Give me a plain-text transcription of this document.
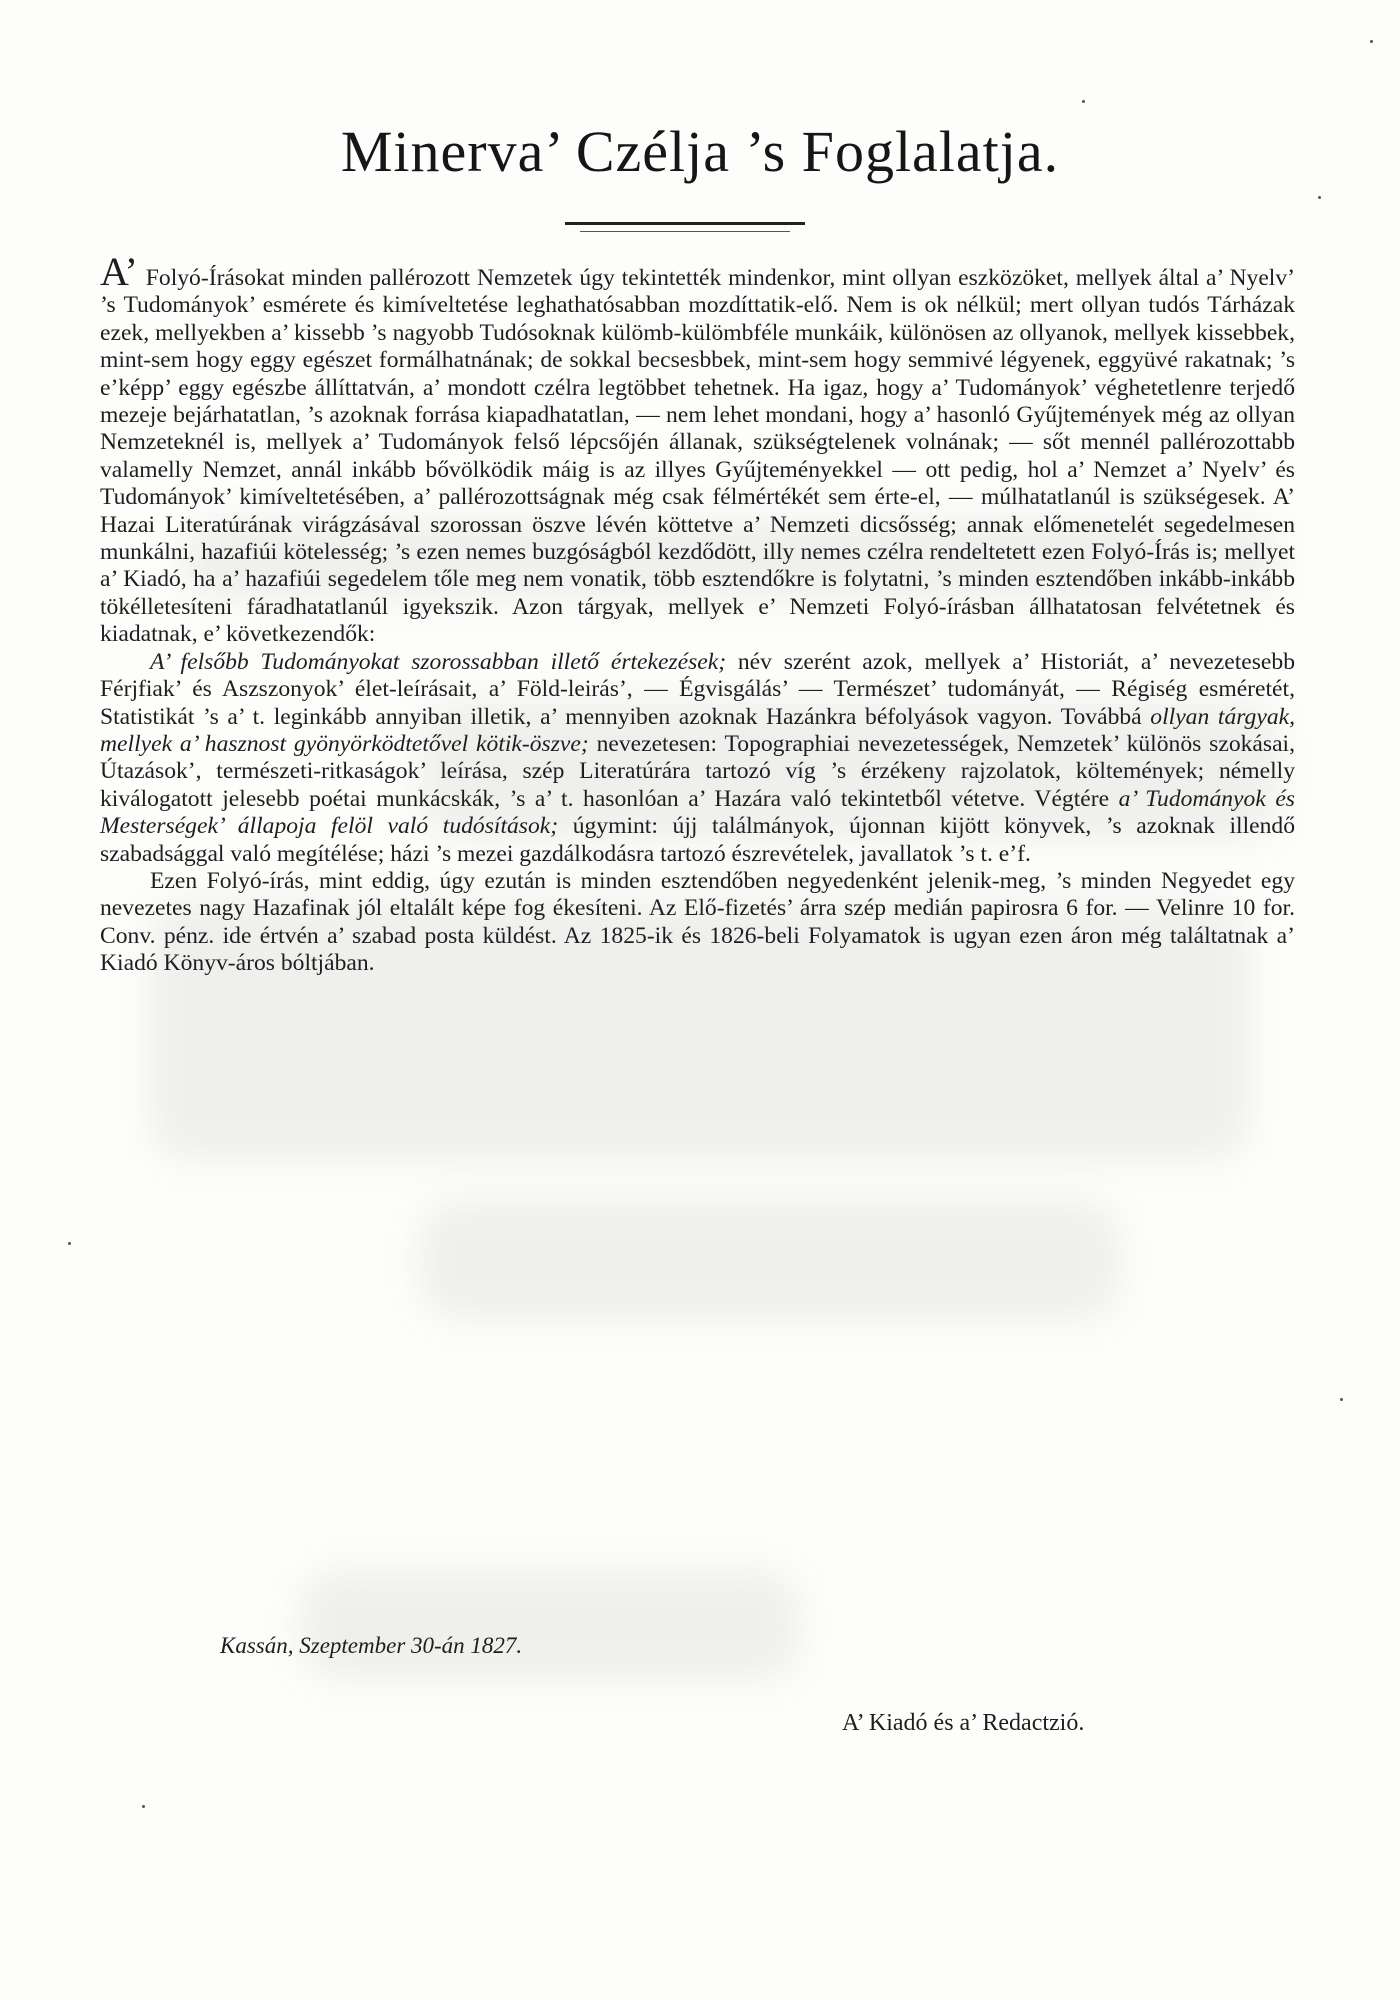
Minerva’ Czélja ’s Foglalatja.

A’ Folyó-Írásokat minden pallérozott Nemzetek úgy tekintették mindenkor, mint ollyan eszközöket, mellyek által a’ Nyelv’ ’s Tudományok’ esmérete és kimíveltetése leghathatósabban mozdíttatik-elő. Nem is ok nélkül; mert ollyan tudós Tárházak ezek, mellyekben a’ kissebb ’s nagyobb Tudósoknak külömb-külömbféle munkáik, különösen az ollyanok, mellyek kissebbek, mint-sem hogy eggy egészet formálhatnának; de sokkal becsesbbek, mint-sem hogy semmivé légyenek, eggyüvé rakatnak; ’s e’képp’ eggy egészbe állíttatván, a’ mondott czélra legtöbbet tehetnek. Ha igaz, hogy a’ Tudományok’ véghetetlenre terjedő mezeje bejárhatatlan, ’s azoknak forrása kiapadhatatlan, — nem lehet mondani, hogy a’ hasonló Gyűjtemények még az ollyan Nemzeteknél is, mellyek a’ Tudományok felső lépcsőjén állanak, szükségtelenek volnának; — sőt mennél pallérozottabb valamelly Nemzet, annál inkább bővölködik máig is az illyes Gyűjteményekkel — ott pedig, hol a’ Nemzet a’ Nyelv’ és Tudományok’ kimíveltetésében, a’ pallérozottságnak még csak félmértékét sem érte-el, — múlhatatlanúl is szükségesek. A’ Hazai Literatúrának virágzásával szorossan öszve lévén köttetve a’ Nemzeti dicsősség; annak előmenetelét segedelmesen munkálni, hazafiúi kötelesség; ’s ezen nemes buzgóságból kezdődött, illy nemes czélra rendeltetett ezen Folyó-Írás is; mellyet a’ Kiadó, ha a’ hazafiúi segedelem tőle meg nem vonatik, több esztendőkre is folytatni, ’s minden esztendőben inkább-inkább tökélletesíteni fáradhatatlanúl igyekszik. Azon tárgyak, mellyek e’ Nemzeti Folyó-írásban állhatatosan felvétetnek és kiadatnak, e’ következendők:

A’ felsőbb Tudományokat szorossabban illető értekezések; név szerént azok, mellyek a’ Historiát, a’ nevezetesebb Férjfiak’ és Aszszonyok’ élet-leírásait, a’ Föld-leirás’, — Égvisgálás’ — Természet’ tudományát, — Régiség esméretét, Statistikát ’s a’ t. leginkább annyiban illetik, a’ mennyiben azoknak Hazánkra béfolyások vagyon. Továbbá ollyan tárgyak, mellyek a’ hasznost gyönyörködtetővel kötik-öszve; nevezetesen: Topographiai nevezetességek, Nemzetek’ különös szokásai, Útazások’, természeti-ritkaságok’ leírása, szép Literatúrára tartozó víg ’s érzékeny rajzolatok, költemények; némelly kiválogatott jelesebb poétai munkácskák, ’s a’ t. hasonlóan a’ Hazára való tekintetből vétetve. Végtére a’ Tudományok és Mesterségek’ állapoja felöl való tudósítások; úgymint: újj találmányok, újonnan kijött könyvek, ’s azoknak illendő szabadsággal való megítélése; házi ’s mezei gazdálkodásra tartozó észrevételek, javallatok ’s t. e’f.

Ezen Folyó-írás, mint eddig, úgy ezután is minden esztendőben negyedenként jelenik-meg, ’s minden Negyedet egy nevezetes nagy Hazafinak jól eltalált képe fog ékesíteni. Az Elő-fizetés’ árra szép medián papirosra 6 for. — Velinre 10 for. Conv. pénz. ide értvén a’ szabad posta küldést. Az 1825-ik és 1826-beli Folyamatok is ugyan ezen áron még találtatnak a’ Kiadó Könyv-áros bóltjában.

Kassán, Szeptember 30-án 1827.
A’ Kiadó és a’ Redactzió.
